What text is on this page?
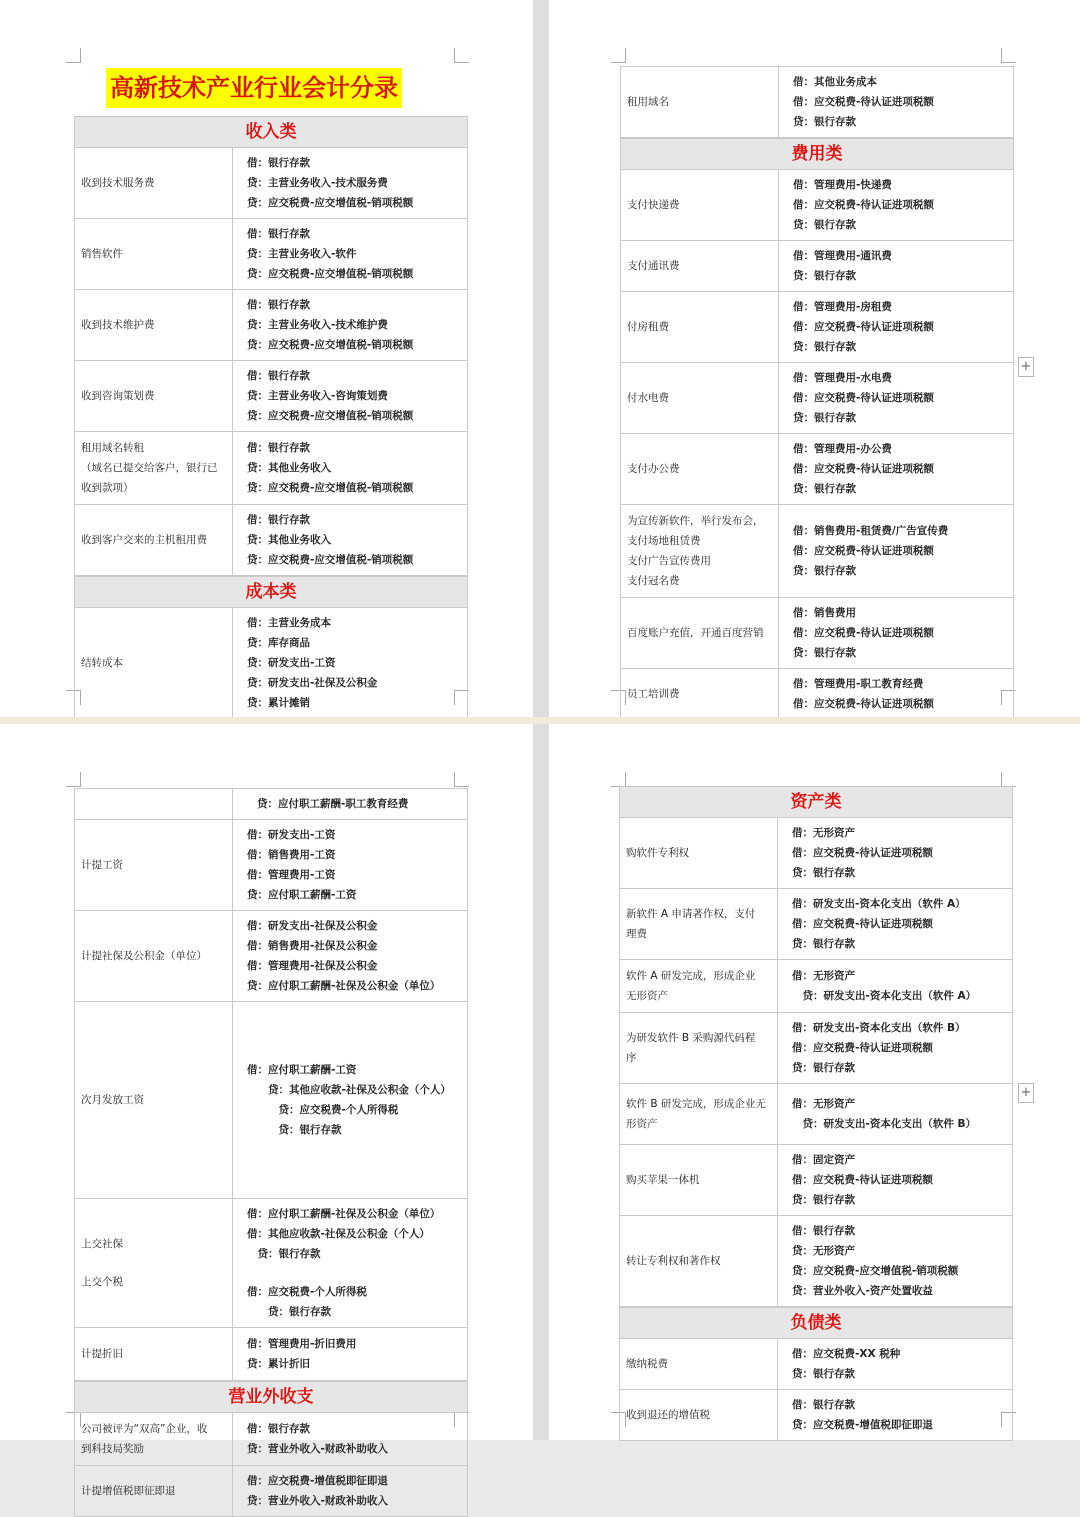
高新技术产业行业会计分录
收入类
收到技术服务费
借：银行存款
贷：主营业务收入-技术服务费
贷：应交税费-应交增值税-销项税额
销售软件
借：银行存款
贷：主营业务收入-软件
贷：应交税费-应交增值税-销项税额
收到技术维护费
借：银行存款
贷：主营业务收入-技术维护费
贷：应交税费-应交增值税-销项税额
收到咨询策划费
借：银行存款
贷：主营业务收入-咨询策划费
贷：应交税费-应交增值税-销项税额
租用域名转租
（域名已提交给客户，银行已
收到款项）
借：银行存款
贷：其他业务收入
贷：应交税费-应交增值税-销项税额
收到客户交来的主机租用费
借：银行存款
贷：其他业务收入
贷：应交税费-应交增值税-销项税额
成本类
结转成本
借：主营业务成本
贷：库存商品
贷：研发支出-工资
贷：研发支出-社保及公积金
贷：累计摊销
租用域名
借：其他业务成本
借：应交税费-待认证进项税额
贷：银行存款
费用类
支付快递费
借：管理费用-快递费
借：应交税费-待认证进项税额
贷：银行存款
支付通讯费
借：管理费用-通讯费
贷：银行存款
付房租费
借：管理费用-房租费
借：应交税费-待认证进项税额
贷：银行存款
付水电费
借：管理费用-水电费
借：应交税费-待认证进项税额
贷：银行存款
支付办公费
借：管理费用-办公费
借：应交税费-待认证进项税额
贷：银行存款
为宣传新软件，举行发布会，
支付场地租赁费
支付广告宣传费用
支付冠名费
借：销售费用-租赁费/广告宣传费
借：应交税费-待认证进项税额
贷：银行存款
百度账户充值，开通百度营销
借：销售费用
借：应交税费-待认证进项税额
贷：银行存款
员工培训费
借：管理费用-职工教育经费
借：应交税费-待认证进项税额
贷：应付职工薪酬-职工教育经费
计提工资
借：研发支出-工资
借：销售费用-工资
借：管理费用-工资
贷：应付职工薪酬-工资
计提社保及公积金（单位）
借：研发支出-社保及公积金
借：销售费用-社保及公积金
借：管理费用-社保及公积金
贷：应付职工薪酬-社保及公积金（单位）
次月发放工资
借：应付职工薪酬-工资
　　贷：其他应收款-社保及公积金（个人）
　　　贷：应交税费-个人所得税
　　　贷：银行存款
上交社保
上交个税
借：应付职工薪酬-社保及公积金（单位）
借：其他应收款-社保及公积金（个人）
　贷：银行存款
借：应交税费-个人所得税
　　贷：银行存款
计提折旧
借：管理费用-折旧费用
贷：累计折旧
营业外收支
公司被评为“双高”企业，收
到科技局奖励
借：银行存款
贷：营业外收入-财政补助收入
计提增值税即征即退
借：应交税费-增值税即征即退
贷：营业外收入-财政补助收入
资产类
购软件专利权
借：无形资产
借：应交税费-待认证进项税额
贷：银行存款
新软件 A 申请著作权，支付
理费
借：研发支出-资本化支出（软件 A）
借：应交税费-待认证进项税额
贷：银行存款
软件 A 研发完成，形成企业
无形资产
借：无形资产
　贷：研发支出-资本化支出（软件 A）
为研发软件 B 采购源代码程
序
借：研发支出-资本化支出（软件 B）
借：应交税费-待认证进项税额
贷：银行存款
软件 B 研发完成，形成企业无
形资产
借：无形资产
　贷：研发支出-资本化支出（软件 B）
购买苹果一体机
借：固定资产
借：应交税费-待认证进项税额
贷：银行存款
转让专利权和著作权
借：银行存款
贷：无形资产
贷：应交税费-应交增值税-销项税额
贷：营业外收入-资产处置收益
负债类
缴纳税费
借：应交税费-XX 税种
贷：银行存款
收到退还的增值税
借：银行存款
贷：应交税费-增值税即征即退
+
+
